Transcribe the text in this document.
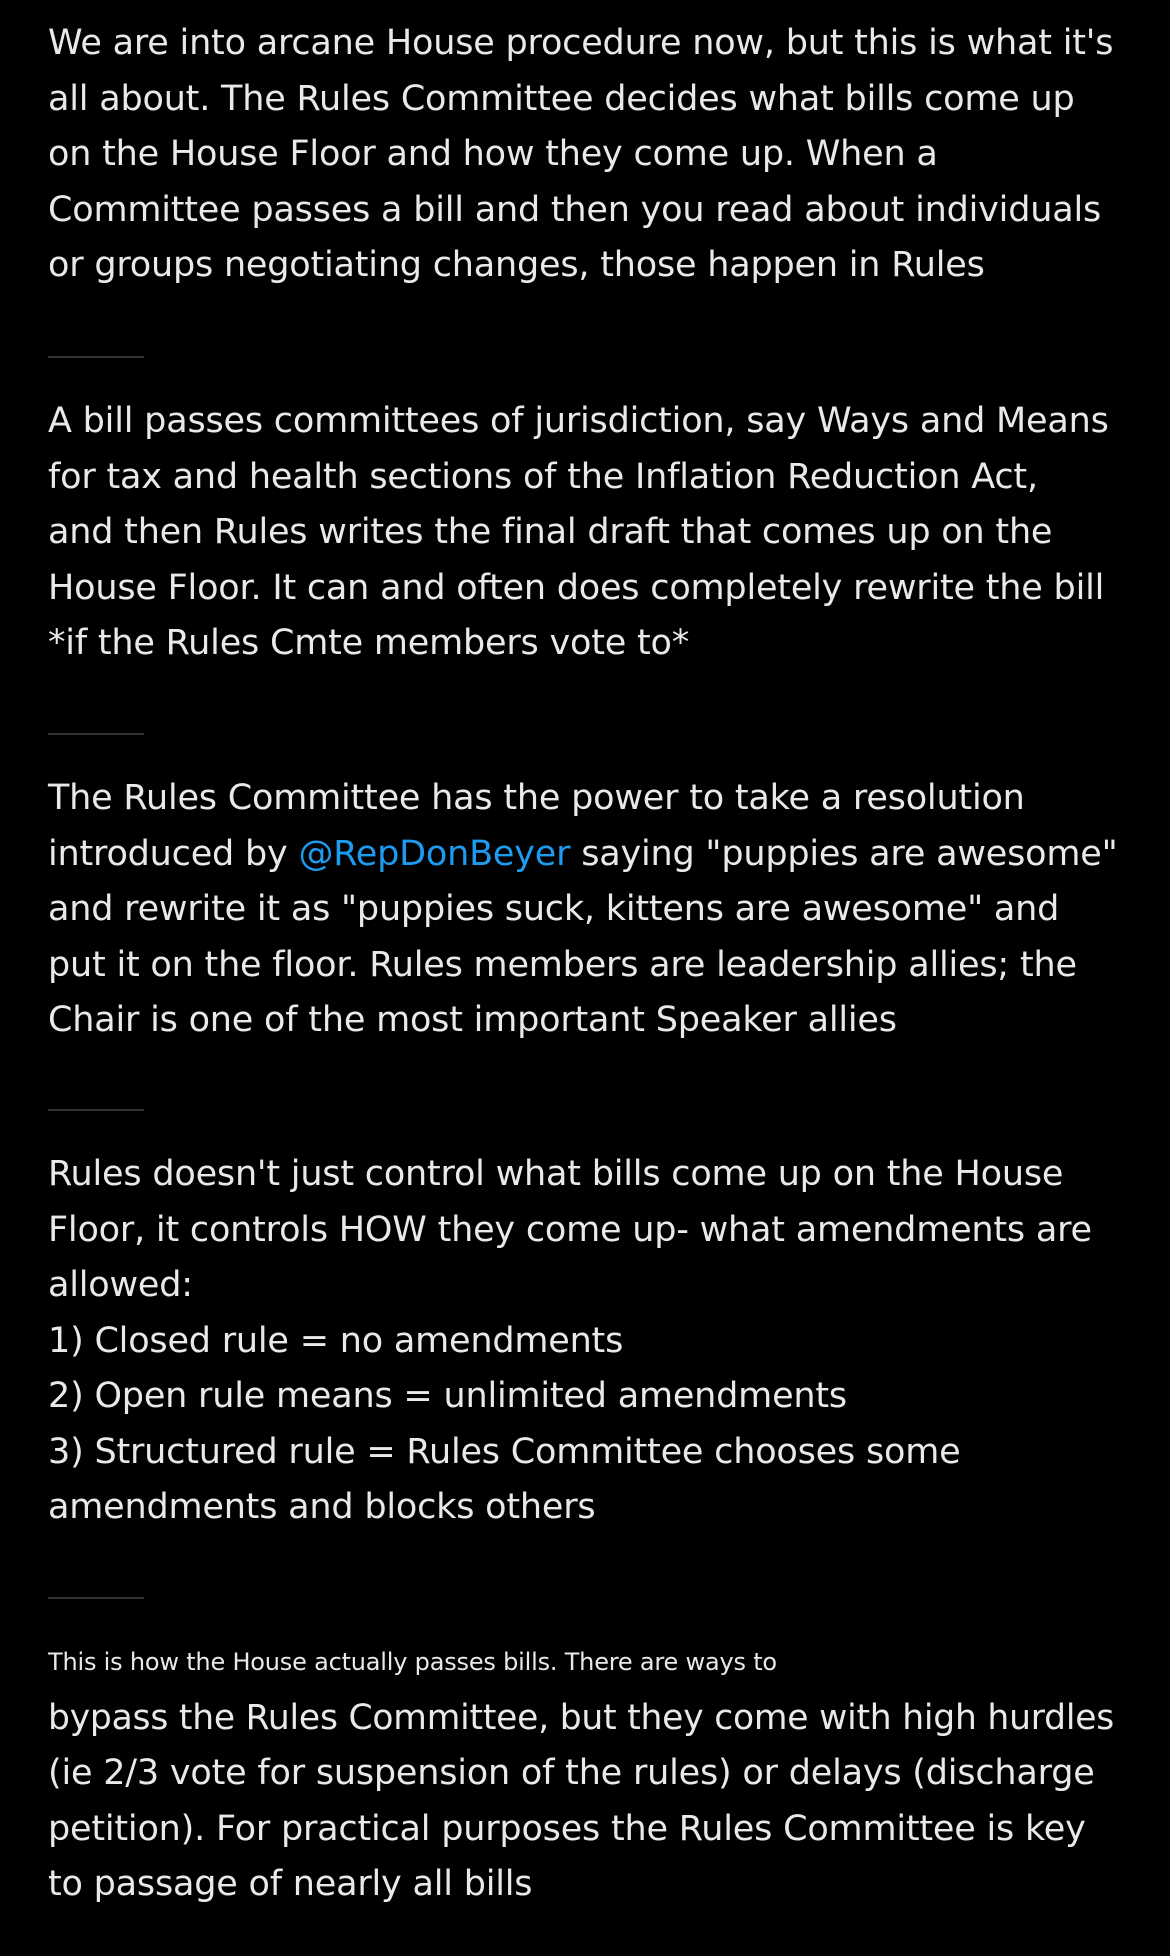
We are into arcane House procedure now, but this is what it's
all about. The Rules Committee decides what bills come up
on the House Floor and how they come up. When a
Committee passes a bill and then you read about individuals
or groups negotiating changes, those happen in Rules

A bill passes committees of jurisdiction, say Ways and Means
for tax and health sections of the Inflation Reduction Act,
and then Rules writes the final draft that comes up on the
House Floor. It can and often does completely rewrite the bill
*if the Rules Cmte members vote to*

The Rules Committee has the power to take a resolution
introduced by @RepDonBeyer saying "puppies are awesome"
and rewrite it as "puppies suck, kittens are awesome" and
put it on the floor. Rules members are leadership allies; the
Chair is one of the most important Speaker allies

Rules doesn't just control what bills come up on the House
Floor, it controls HOW they come up- what amendments are
allowed:
1) Closed rule = no amendments
2) Open rule means = unlimited amendments
3) Structured rule = Rules Committee chooses some
amendments and blocks others

This is how the House actually passes bills. There are ways to
bypass the Rules Committee, but they come with high hurdles
(ie 2/3 vote for suspension of the rules) or delays (discharge
petition). For practical purposes the Rules Committee is key
to passage of nearly all bills
